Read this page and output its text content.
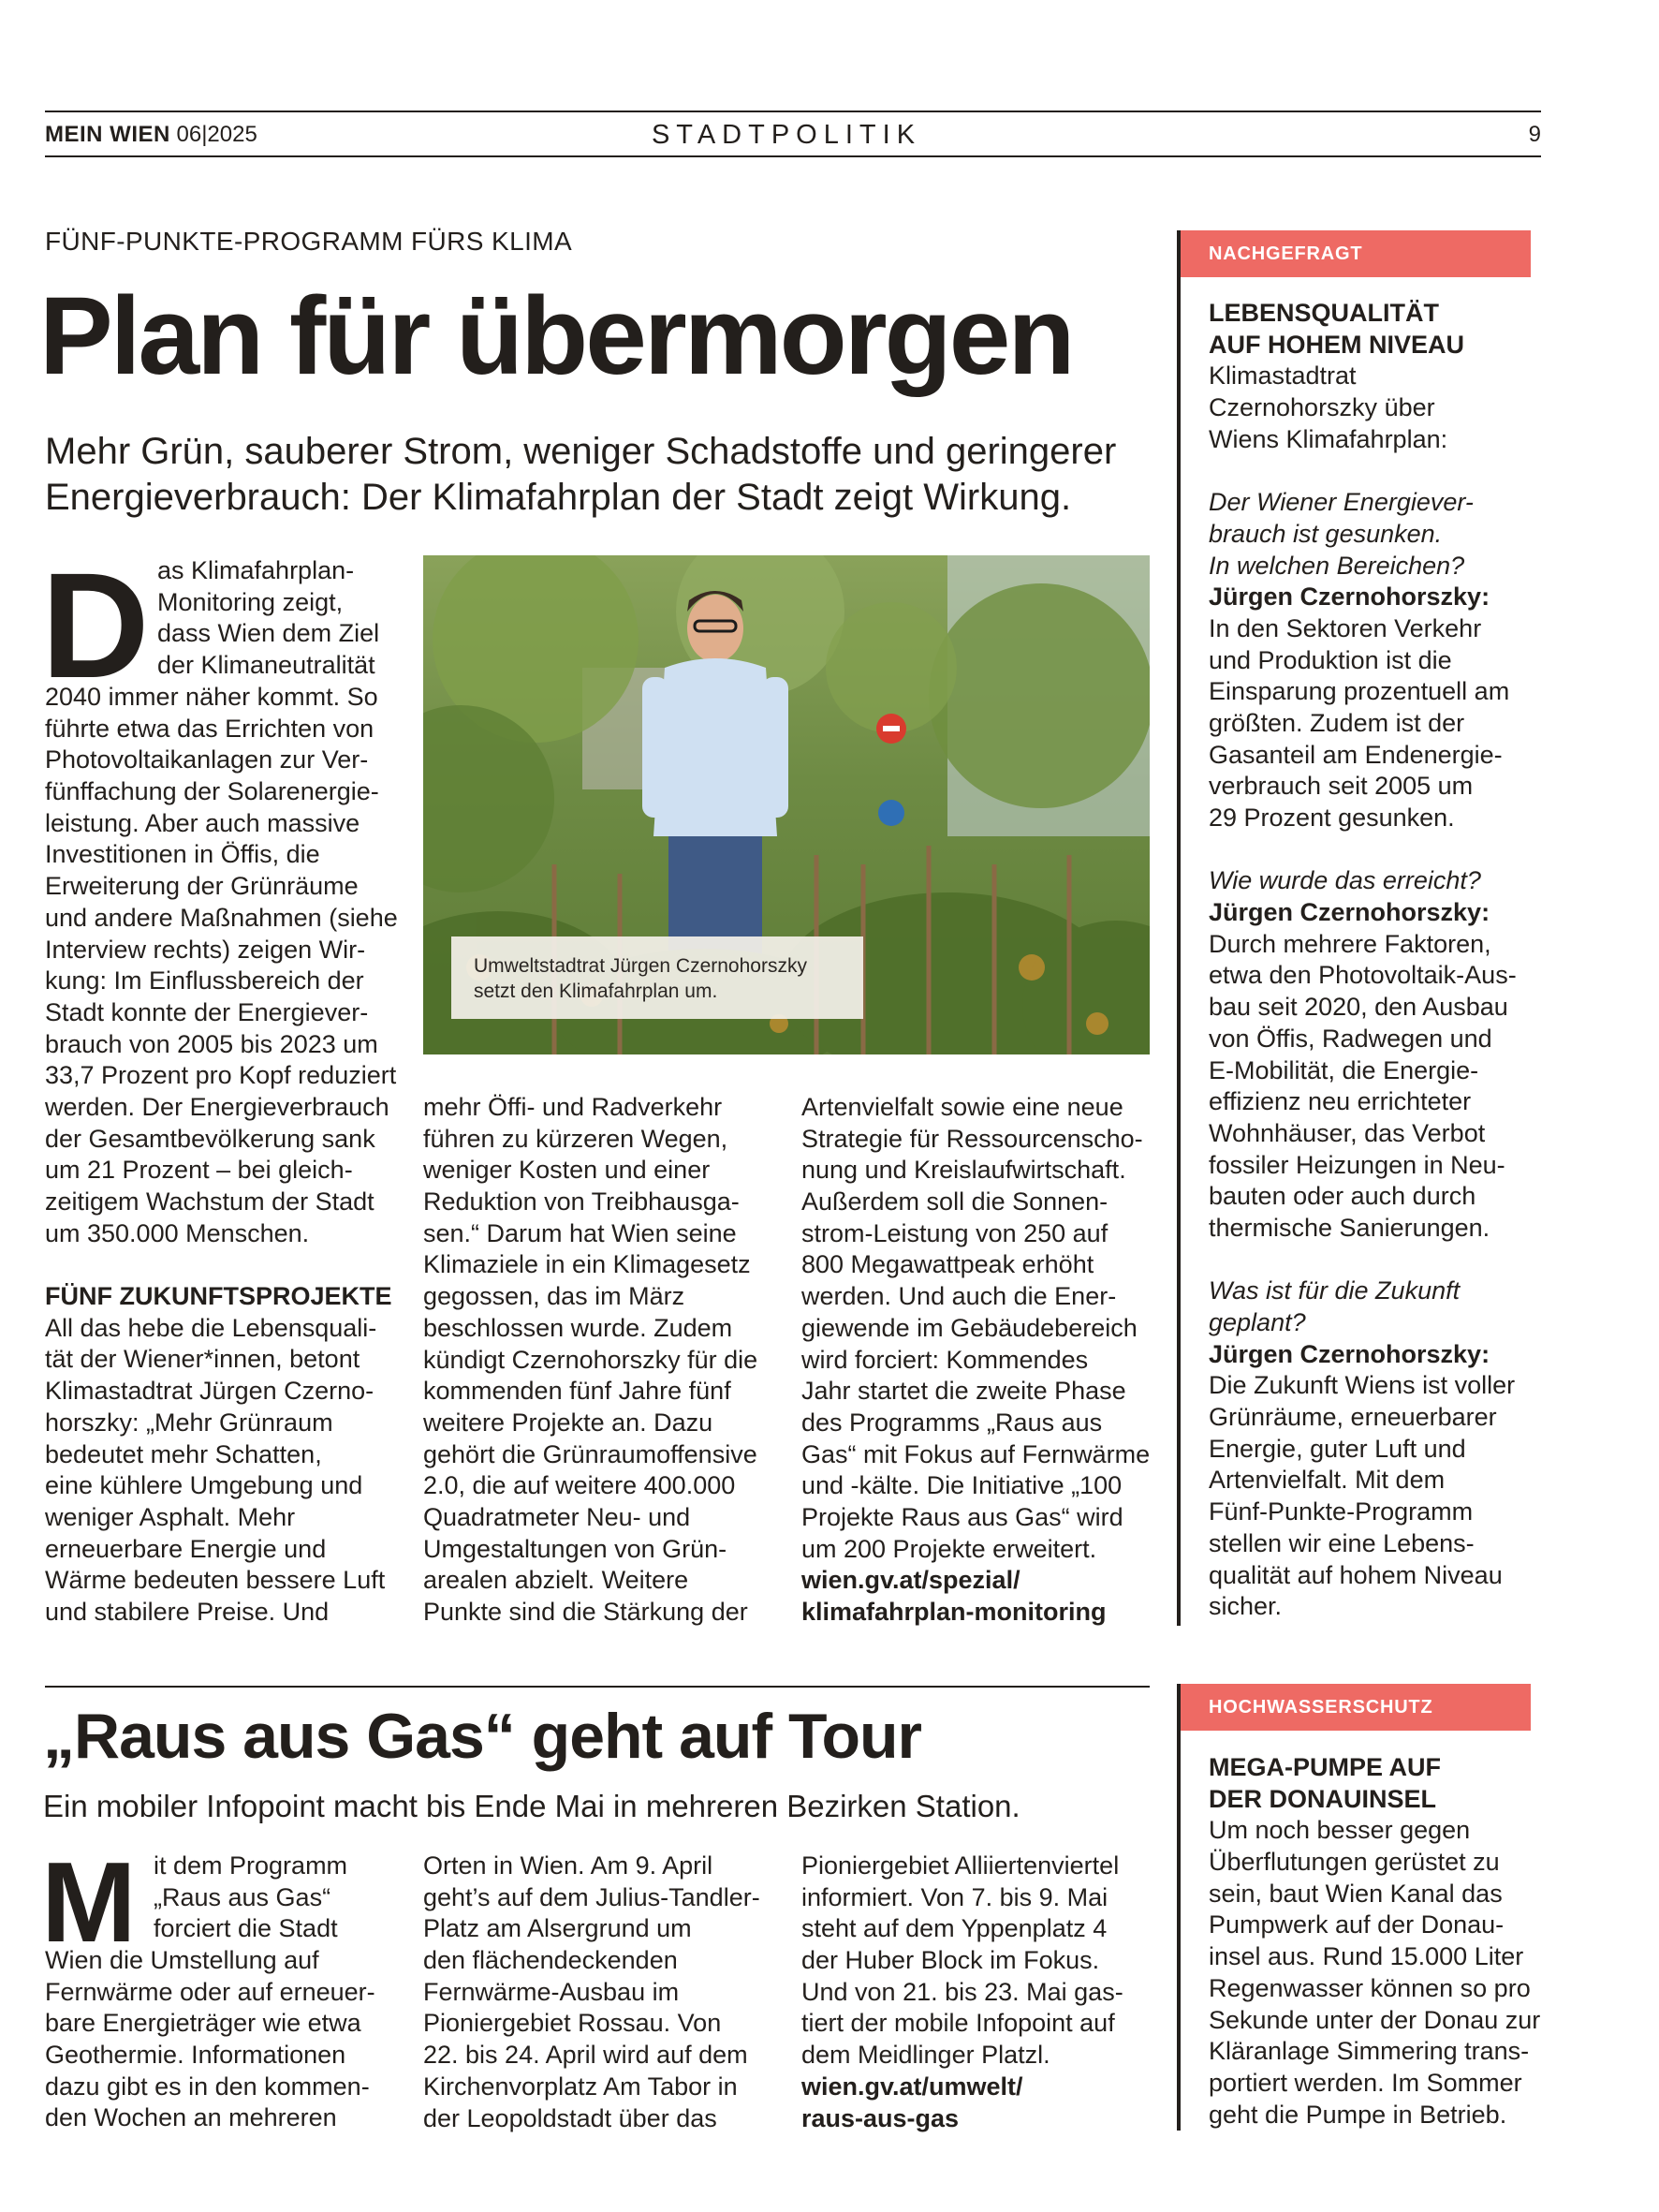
MEIN WIEN 06|2025	STADTPOLITIK	9
FÜNF-PUNKTE-PROGRAMM FÜRS KLIMA
Plan für übermorgen
Mehr Grün, sauberer Strom, weniger Schadstoffe und geringerer
Energieverbrauch: Der Klimafahrplan der Stadt zeigt Wirkung.
D as Klimafahrplan-
Monitoring zeigt,
dass Wien dem Ziel
der Klimaneutralität
2040 immer näher kommt. So
führte etwa das Errichten von
Photovoltaikanlagen zur Ver-
fünffachung der Solarenergie-
leistung. Aber auch massive
Investitionen in Öffis, die
Erweiterung der Grünräume
und andere Maßnahmen (siehe
Interview rechts) zeigen Wir-
kung: Im Einflussbereich der
Stadt konnte der Energiever-
brauch von 2005 bis 2023 um
33,7 Prozent pro Kopf reduziert
werden. Der Energieverbrauch
der Gesamtbevölkerung sank
um 21 Prozent – bei gleich-
zeitigem Wachstum der Stadt
um 350.000 Menschen.
FÜNF ZUKUNFTSPROJEKTE
All das hebe die Lebensquali-
tät der Wiener*innen, betont
Klimastadtrat Jürgen Czerno-
horszky: „Mehr Grünraum
bedeutet mehr Schatten,
eine kühlere Umgebung und
weniger Asphalt. Mehr
erneuerbare Energie und
Wärme bedeuten bessere Luft
und stabilere Preise. Und
Umweltstadtrat Jürgen Czernohorszky
setzt den Klimafahrplan um.
mehr Öffi- und Radverkehr
führen zu kürzeren Wegen,
weniger Kosten und einer
Reduktion von Treibhausga-
sen.“ Darum hat Wien seine
Klimaziele in ein Klimagesetz
gegossen, das im März
beschlossen wurde. Zudem
kündigt Czernohorszky für die
kommenden fünf Jahre fünf
weitere Projekte an. Dazu
gehört die Grünraumoffensive
2.0, die auf weitere 400.000
Quadratmeter Neu- und
Umgestaltungen von Grün-
arealen abzielt. Weitere
Punkte sind die Stärkung der
Artenvielfalt sowie eine neue
Strategie für Ressourcenscho-
nung und Kreislaufwirtschaft.
Außerdem soll die Sonnen-
strom-Leistung von 250 auf
800 Megawattpeak erhöht
werden. Und auch die Ener-
giewende im Gebäudebereich
wird forciert: Kommendes
Jahr startet die zweite Phase
des Programms „Raus aus
Gas“ mit Fokus auf Fernwärme
und -kälte. Die Initiative „100
Projekte Raus aus Gas“ wird
um 200 Projekte erweitert.
wien.gv.at/spezial/
klimafahrplan-monitoring
NACHGEFRAGT
LEBENSQUALITÄT
AUF HOHEM NIVEAU
Klimastadtrat
Czernohorszky über
Wiens Klimafahrplan:
Der Wiener Energiever-
brauch ist gesunken.
In welchen Bereichen?
Jürgen Czernohorszky:
In den Sektoren Verkehr
und Produktion ist die
Einsparung prozentuell am
größten. Zudem ist der
Gasanteil am Endenergie-
verbrauch seit 2005 um
29 Prozent gesunken.
Wie wurde das erreicht?
Jürgen Czernohorszky:
Durch mehrere Faktoren,
etwa den Photovoltaik-Aus-
bau seit 2020, den Ausbau
von Öffis, Radwegen und
E-Mobilität, die Energie-
effizienz neu errichteter
Wohnhäuser, das Verbot
fossiler Heizungen in Neu-
bauten oder auch durch
thermische Sanierungen.
Was ist für die Zukunft
geplant?
Jürgen Czernohorszky:
Die Zukunft Wiens ist voller
Grünräume, erneuerbarer
Energie, guter Luft und
Artenvielfalt. Mit dem
Fünf-Punkte-Programm
stellen wir eine Lebens-
qualität auf hohem Niveau
sicher.
„Raus aus Gas“ geht auf Tour
Ein mobiler Infopoint macht bis Ende Mai in mehreren Bezirken Station.
M it dem Programm
„Raus aus Gas“
forciert die Stadt
Wien die Umstellung auf
Fernwärme oder auf erneuer-
bare Energieträger wie etwa
Geothermie. Informationen
dazu gibt es in den kommen-
den Wochen an mehreren
Orten in Wien. Am 9. April
geht’s auf dem Julius-Tandler-
Platz am Alsergrund um
den flächendeckenden
Fernwärme-Ausbau im
Pioniergebiet Rossau. Von
22. bis 24. April wird auf dem
Kirchenvorplatz Am Tabor in
der Leopoldstadt über das
Pioniergebiet Alliiertenviertel
informiert. Von 7. bis 9. Mai
steht auf dem Yppenplatz 4
der Huber Block im Fokus.
Und von 21. bis 23. Mai gas-
tiert der mobile Infopoint auf
dem Meidlinger Platzl.
wien.gv.at/umwelt/
raus-aus-gas
HOCHWASSERSCHUTZ
MEGA-PUMPE AUF
DER DONAUINSEL
Um noch besser gegen
Überflutungen gerüstet zu
sein, baut Wien Kanal das
Pumpwerk auf der Donau-
insel aus. Rund 15.000 Liter
Regenwasser können so pro
Sekunde unter der Donau zur
Kläranlage Simmering trans-
portiert werden. Im Sommer
geht die Pumpe in Betrieb.
